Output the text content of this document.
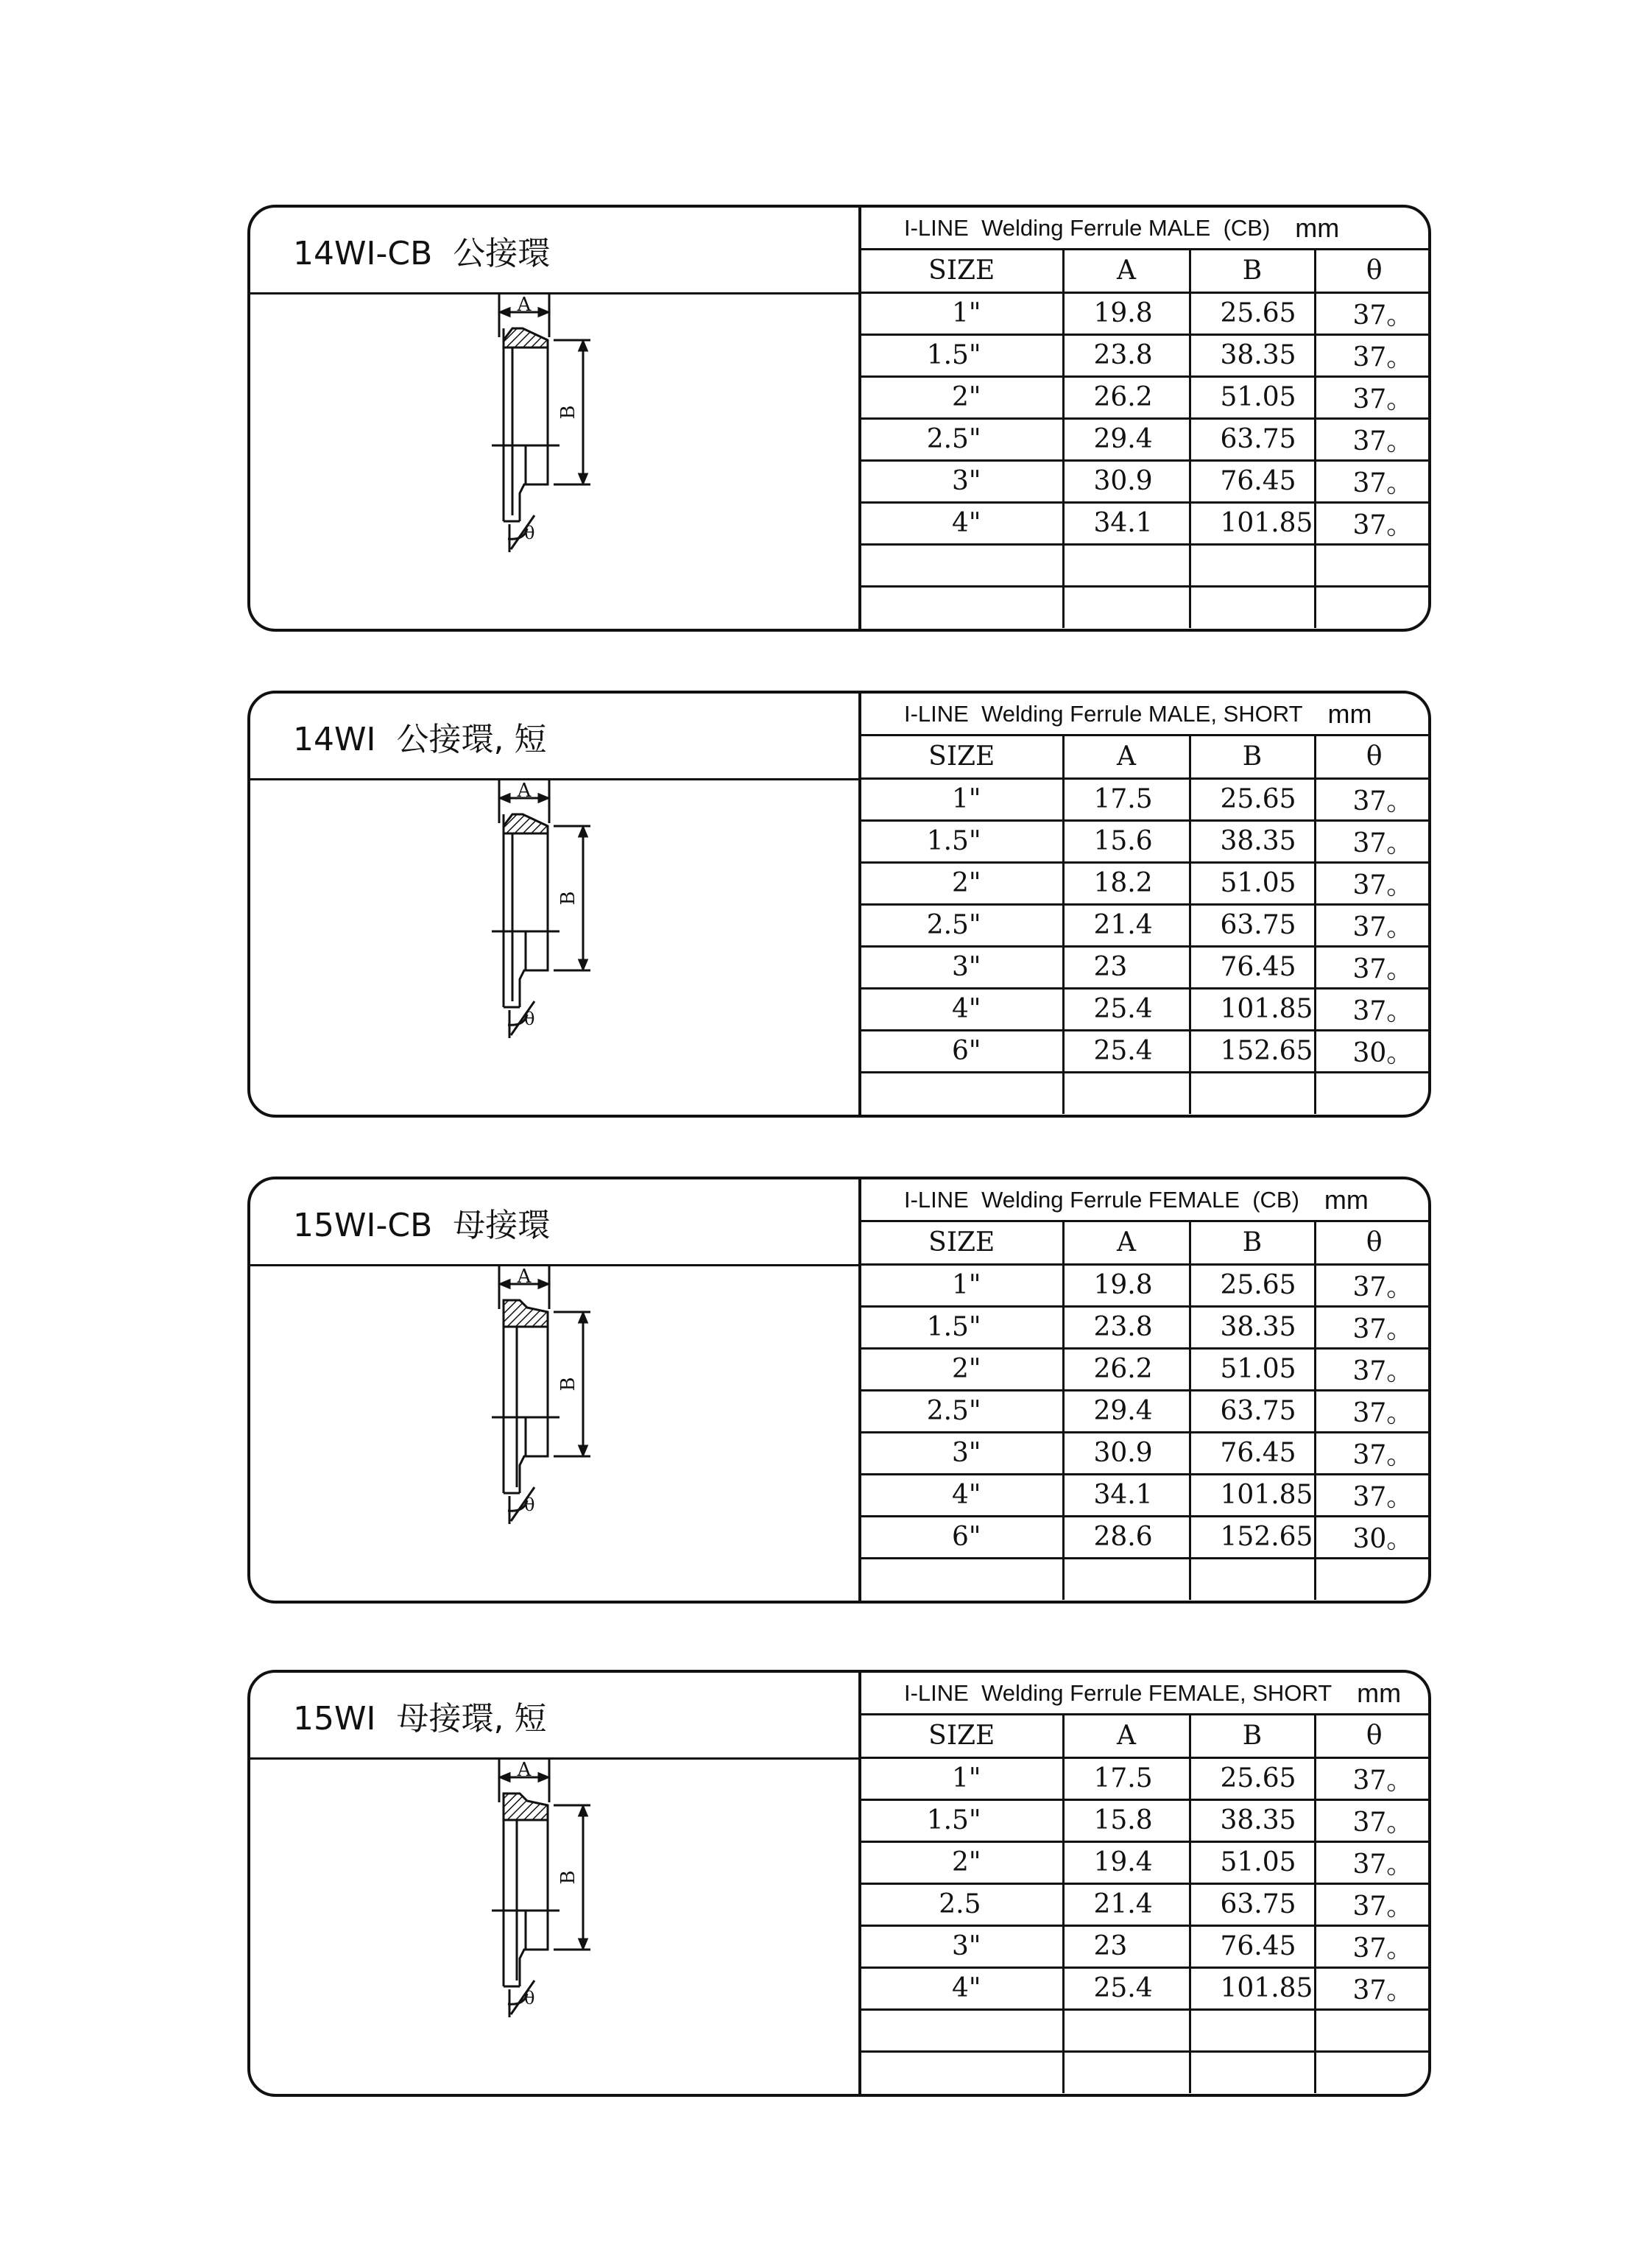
14WI-CB  公接環
A
B
θ
I-LINE  Welding Ferrule MALE  (CB) mm
SIZE	A	B	θ
1"	19.8	25.65	37。
1.5"	23.8	38.35	37。
2"	26.2	51.05	37。
2.5"	29.4	63.75	37。
3"	30.9	76.45	37。
4"	34.1	101.85	37。

14WI  公接環, 短
A
B
θ
I-LINE  Welding Ferrule MALE, SHORT mm
SIZE	A	B	θ
1"	17.5	25.65	37。
1.5"	15.6	38.35	37。
2"	18.2	51.05	37。
2.5"	21.4	63.75	37。
3"	23	76.45	37。
4"	25.4	101.85	37。
6"	25.4	152.65	30。

15WI-CB  母接環
A
B
θ
I-LINE  Welding Ferrule FEMALE  (CB) mm
SIZE	A	B	θ
1"	19.8	25.65	37。
1.5"	23.8	38.35	37。
2"	26.2	51.05	37。
2.5"	29.4	63.75	37。
3"	30.9	76.45	37。
4"	34.1	101.85	37。
6"	28.6	152.65	30。

15WI  母接環, 短
A
B
θ
I-LINE  Welding Ferrule FEMALE, SHORT mm
SIZE	A	B	θ
1"	17.5	25.65	37。
1.5"	15.8	38.35	37。
2"	19.4	51.05	37。
2.5	21.4	63.75	37。
3"	23	76.45	37。
4"	25.4	101.85	37。
